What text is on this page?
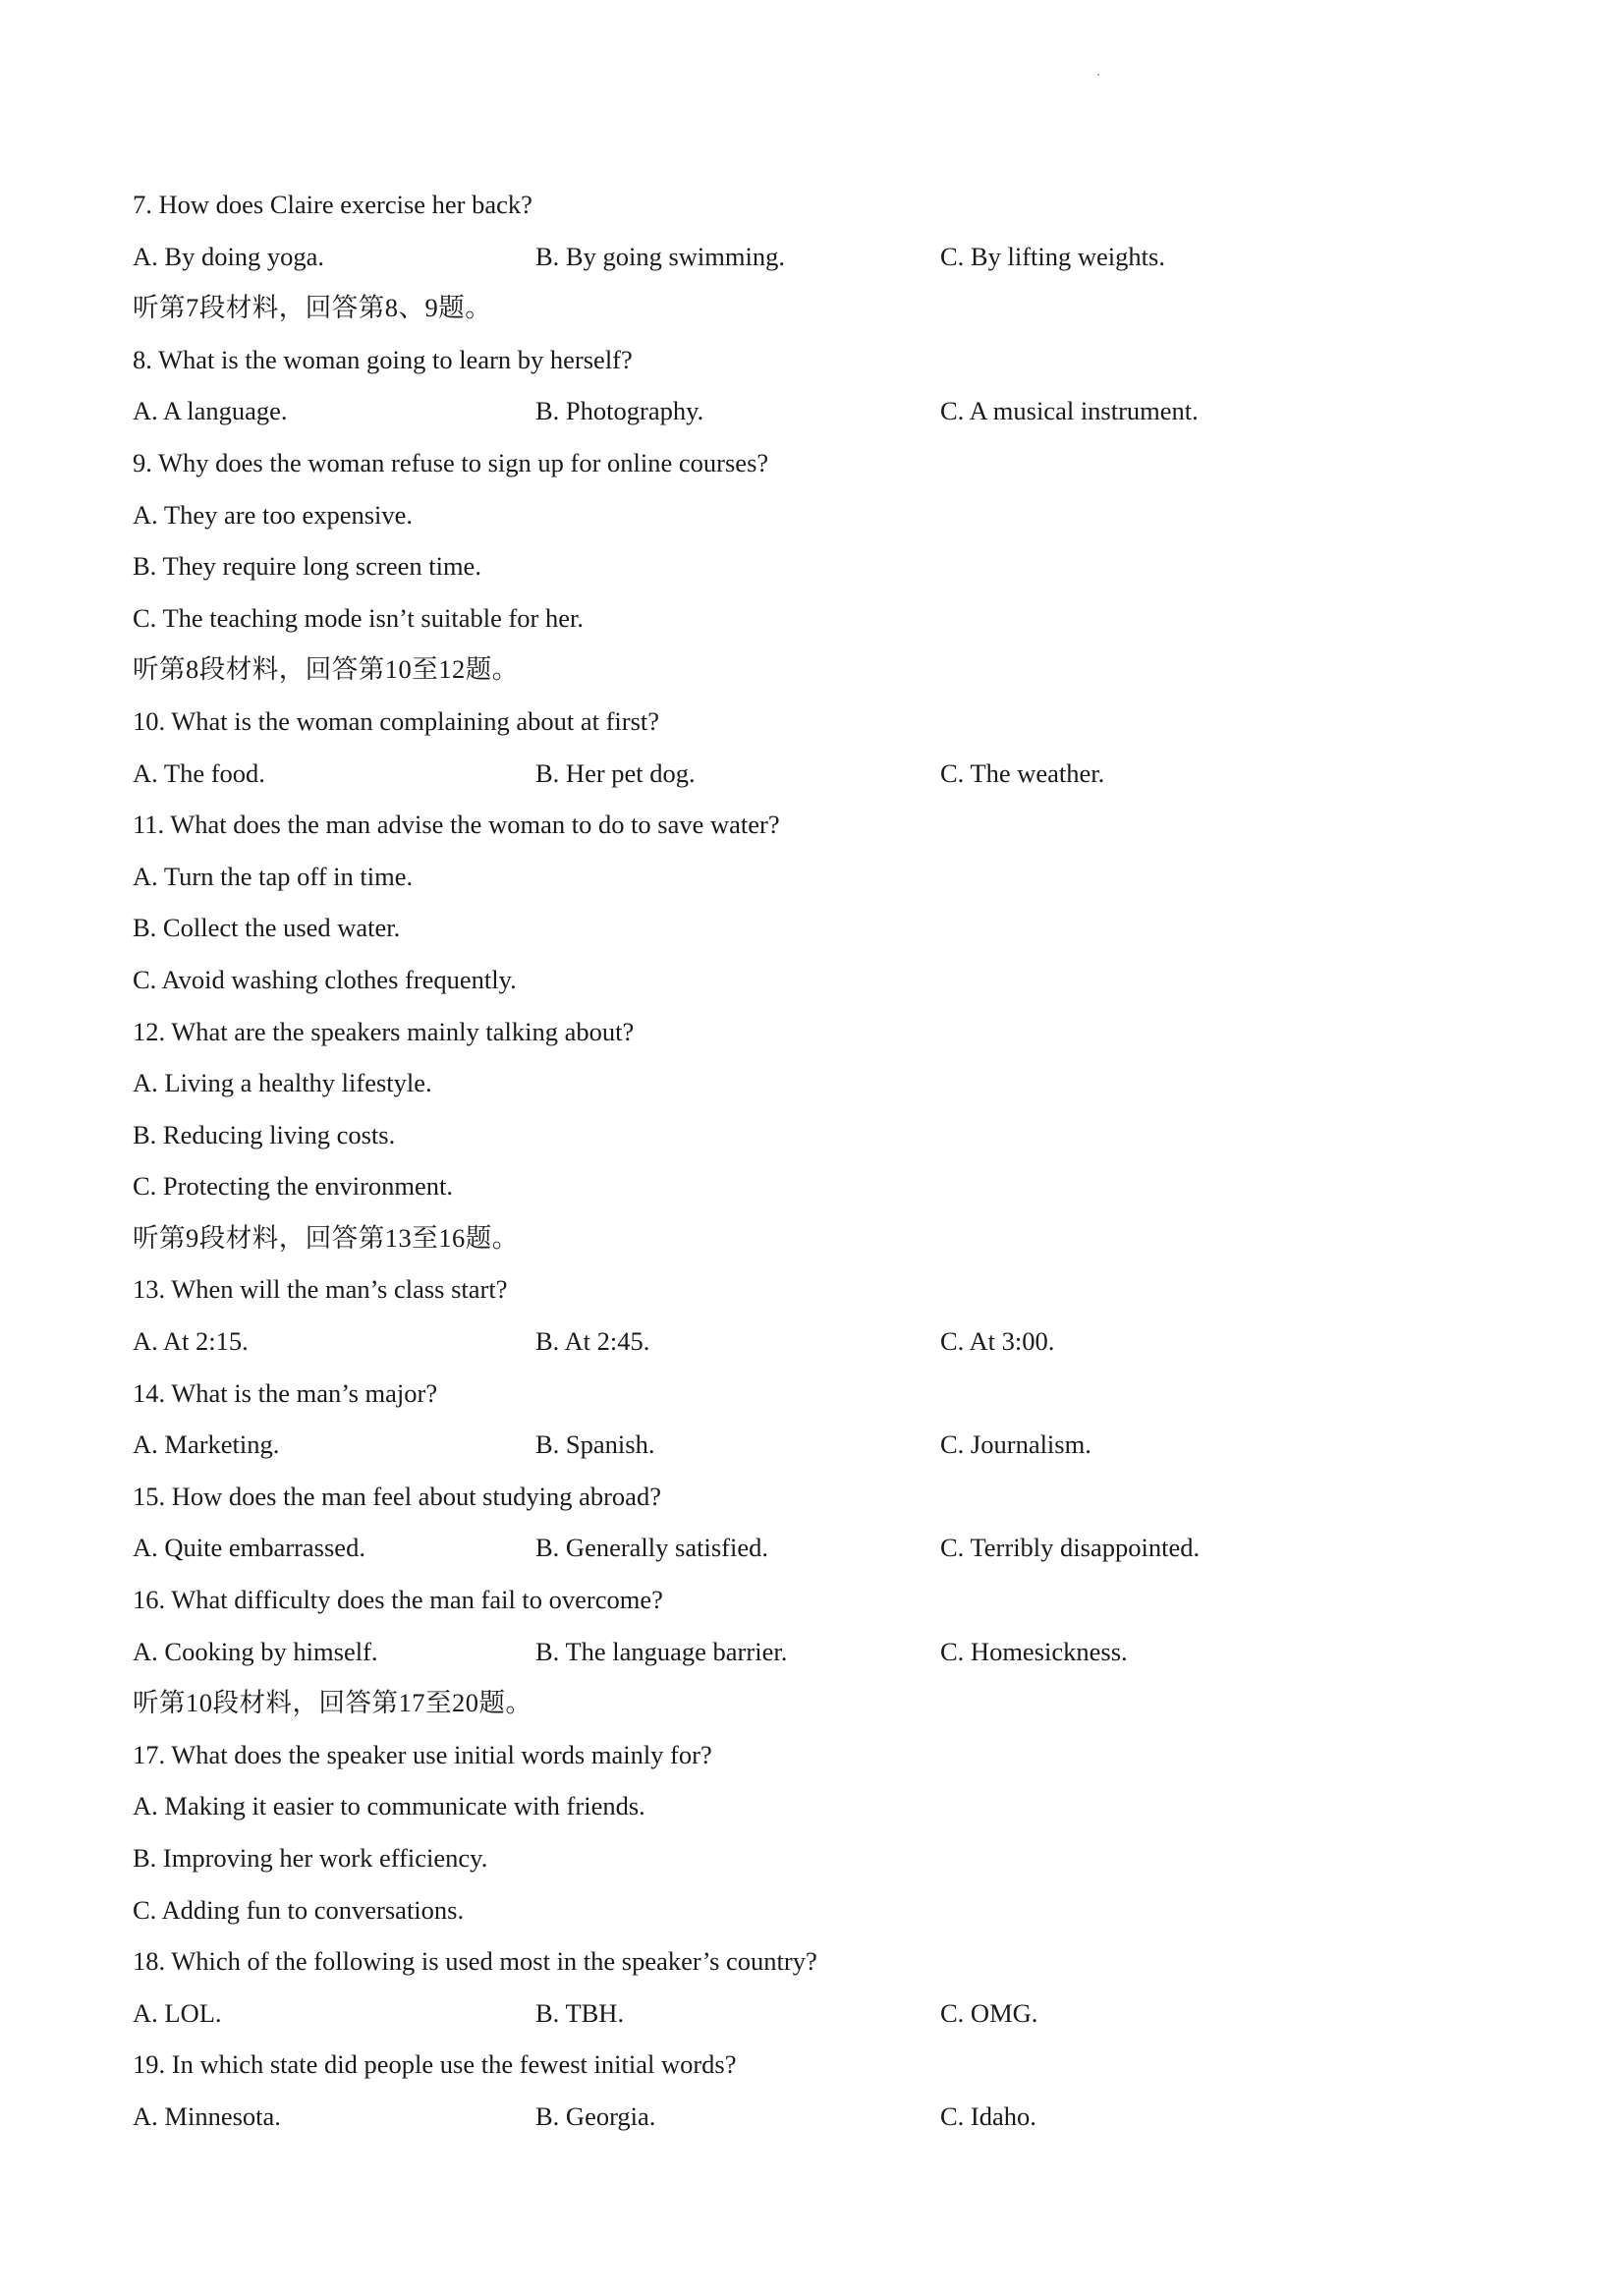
7. How does Claire exercise her back?
A. By doing yoga.	B. By going swimming.	C. By lifting weights.
听第7段材料，回答第8、9题。
8. What is the woman going to learn by herself?
A. A language.	B. Photography.	C. A musical instrument.
9. Why does the woman refuse to sign up for online courses?
A. They are too expensive.
B. They require long screen time.
C. The teaching mode isn’t suitable for her.
听第8段材料，回答第10至12题。
10. What is the woman complaining about at first?
A. The food.	B. Her pet dog.	C. The weather.
11. What does the man advise the woman to do to save water?
A. Turn the tap off in time.
B. Collect the used water.
C. Avoid washing clothes frequently.
12. What are the speakers mainly talking about?
A. Living a healthy lifestyle.
B. Reducing living costs.
C. Protecting the environment.
听第9段材料，回答第13至16题。
13. When will the man’s class start?
A. At 2:15.	B. At 2:45.	C. At 3:00.
14. What is the man’s major?
A. Marketing.	B. Spanish.	C. Journalism.
15. How does the man feel about studying abroad?
A. Quite embarrassed.	B. Generally satisfied.	C. Terribly disappointed.
16. What difficulty does the man fail to overcome?
A. Cooking by himself.	B. The language barrier.	C. Homesickness.
听第10段材料，回答第17至20题。
17. What does the speaker use initial words mainly for?
A. Making it easier to communicate with friends.
B. Improving her work efficiency.
C. Adding fun to conversations.
18. Which of the following is used most in the speaker’s country?
A. LOL.	B. TBH.	C. OMG.
19. In which state did people use the fewest initial words?
A. Minnesota.	B. Georgia.	C. Idaho.
